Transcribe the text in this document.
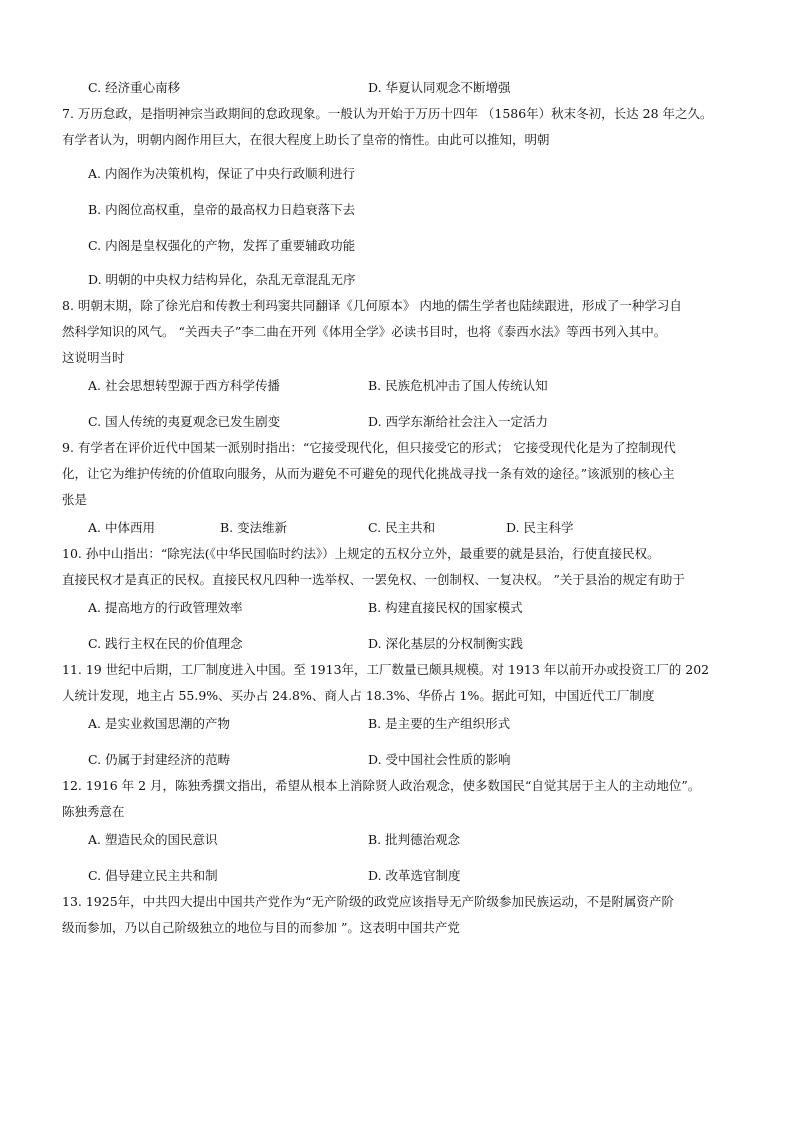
C. 经济重心南移	D. 华夏认同观念不断增强
7. 万历怠政，是指明神宗当政期间的怠政现象。一般认为开始于万历十四年 （1586年）秋末冬初，长达 28 年之久。
有学者认为，明朝内阁作用巨大，在很大程度上助长了皇帝的惰性。由此可以推知，明朝
A. 内阁作为决策机构，保证了中央行政顺利进行
B. 内阁位高权重，皇帝的最高权力日趋衰落下去
C. 内阁是皇权强化的产物，发挥了重要辅政功能
D. 明朝的中央权力结构异化，杂乱无章混乱无序
8. 明朝末期，除了徐光启和传教士利玛窦共同翻译《几何原本》 内地的儒生学者也陆续跟进，形成了一种学习自
然科学知识的风气。 “关西夫子”李二曲在开列《体用全学》必读书目时，也将《泰西水法》等西书列入其中。
这说明当时
A. 社会思想转型源于西方科学传播	B. 民族危机冲击了国人传统认知
C. 国人传统的夷夏观念已发生剧变	D. 西学东渐给社会注入一定活力
9. 有学者在评价近代中国某一派别时指出：“它接受现代化，但只接受它的形式； 它接受现代化是为了控制现代
化，让它为维护传统的价值取向服务，从而为避免不可避免的现代化挑战寻找一条有效的途径。”该派别的核心主
张是
A. 中体西用	B. 变法维新	C. 民主共和	D. 民主科学
10. 孙中山指出：“除宪法(《中华民国临时约法》）上规定的五权分立外，最重要的就是县治，行使直接民权。
直接民权才是真正的民权。直接民权凡四种一选举权、一罢免权、一创制权、一复决权。 ”关于县治的规定有助于
A. 提高地方的行政管理效率	B. 构建直接民权的国家模式
C. 践行主权在民的价值理念	D. 深化基层的分权制衡实践
11. 19 世纪中后期，工厂制度进入中国。至 1913年，工厂数量已颇具规模。对 1913 年以前开办或投资工厂的 202
人统计发现，地主占 55.9%、买办占 24.8%、商人占 18.3%、华侨占 1%。据此可知，中国近代工厂制度
A. 是实业救国思潮的产物	B. 是主要的生产组织形式
C. 仍属于封建经济的范畴	D. 受中国社会性质的影响
12. 1916 年 2 月，陈独秀撰文指出，希望从根本上消除贤人政治观念，使多数国民“自觉其居于主人的主动地位”。
陈独秀意在
A. 塑造民众的国民意识	B. 批判德治观念
C. 倡导建立民主共和制	D. 改革选官制度
13. 1925年，中共四大提出中国共产党作为“无产阶级的政党应该指导无产阶级参加民族运动，不是附属资产阶
级而参加，乃以自己阶级独立的地位与目的而参加 ”。这表明中国共产党
